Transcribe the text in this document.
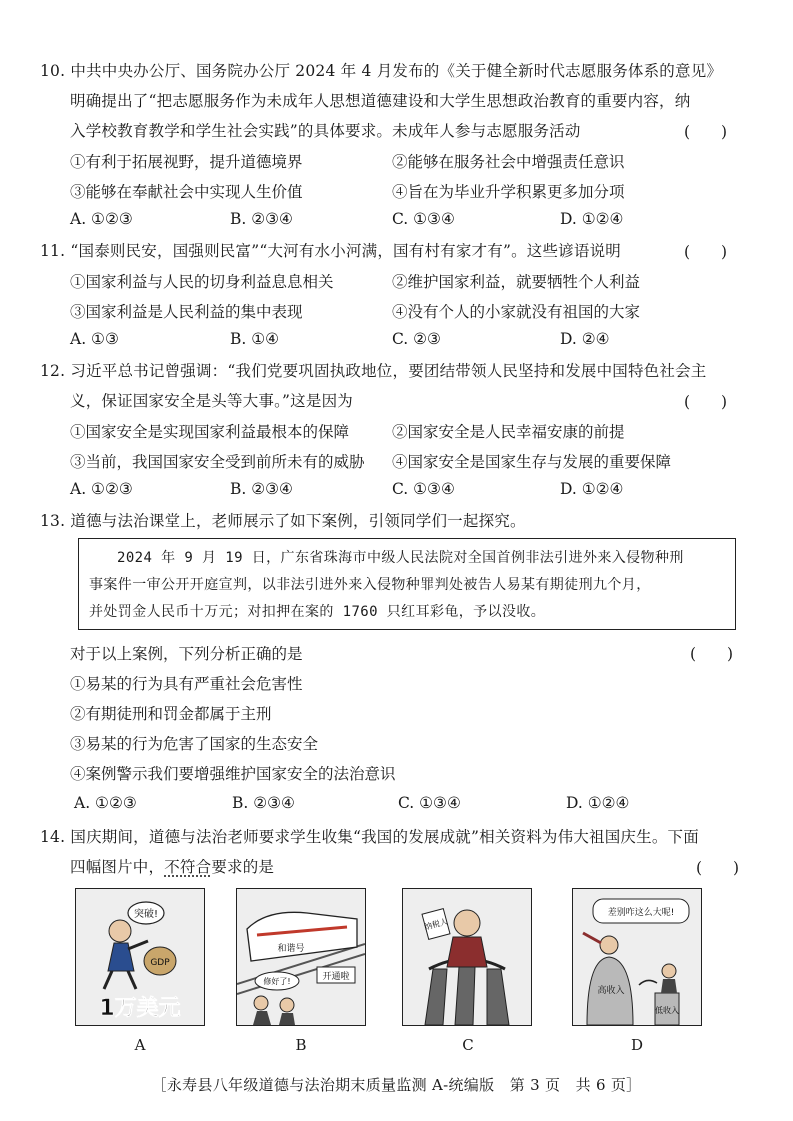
10. 中共中央办公厅、国务院办公厅 2024 年 4 月发布的《关于健全新时代志愿服务体系的意见》
明确提出了“把志愿服务作为未成年人思想道德建设和大学生思想政治教育的重要内容，纳
入学校教育教学和学生社会实践”的具体要求。未成年人参与志愿服务活动	(　　)
①有利于拓展视野，提升道德境界	②能够在服务社会中增强责任意识
③能够在奉献社会中实现人生价值	④旨在为毕业升学积累更多加分项
A. ①②③	B. ②③④	C. ①③④	D. ①②④
11. “国泰则民安，国强则民富”“大河有水小河满，国有村有家才有”。这些谚语说明	(　　)
①国家利益与人民的切身利益息息相关	②维护国家利益，就要牺牲个人利益
③国家利益是人民利益的集中表现	④没有个人的小家就没有祖国的大家
A. ①③	B. ①④	C. ②③	D. ②④
12. 习近平总书记曾强调：“我们党要巩固执政地位，要团结带领人民坚持和发展中国特色社会主
义，保证国家安全是头等大事。”这是因为	(　　)
①国家安全是实现国家利益最根本的保障	②国家安全是人民幸福安康的前提
③当前，我国国家安全受到前所未有的威胁 ④国家安全是国家生存与发展的重要保障
A. ①②③	B. ②③④	C. ①③④	D. ①②④
13. 道德与法治课堂上，老师展示了如下案例，引领同学们一起探究。

2024 年 9 月 19 日，广东省珠海市中级人民法院对全国首例非法引进外来入侵物种刑

事案件一审公开开庭宣判，以非法引进外来入侵物种罪判处被告人易某有期徒刑九个月，

并处罚金人民币十万元；对扣押在案的 1760 只红耳彩龟，予以没收。

对于以上案例，下列分析正确的是	(　　)
①易某的行为具有严重社会危害性
②有期徒刑和罚金都属于主刑
③易某的行为危害了国家的生态安全
④案例警示我们要增强维护国家安全的法治意识
A. ①②③	B. ②③④	C. ①③④	D. ①②④
14. 国庆期间，道德与法治老师要求学生收集“我国的发展成就”相关资料为伟大祖国庆生。下面
四幅图片中，不符合要求的是	(　　)
突破!
GDP
1万美元
A
和谐号
开通啦
修好了!
B
纳税人
C
差别咋这么大呢!
高收入
低收入
D
［永寿县八年级道德与法治期末质量监测 A-统编版　第 3 页　共 6 页］
